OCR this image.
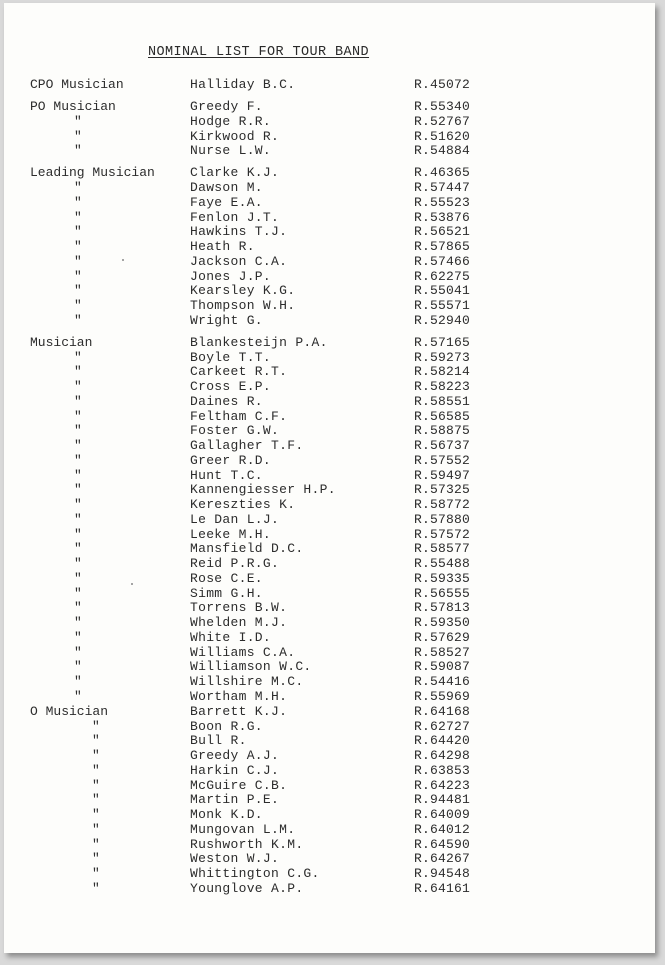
NOMINAL LIST FOR TOUR BAND
CPO Musician	Halliday B.C.	R.45072
PO Musician	Greedy F.	R.55340
"	Hodge R.R.	R.52767
"	Kirkwood R.	R.51620
"	Nurse L.W.	R.54884
Leading Musician	Clarke K.J.	R.46365
"	Dawson M.	R.57447
"	Faye E.A.	R.55523
"	Fenlon J.T.	R.53876
"	Hawkins T.J.	R.56521
"	Heath R.	R.57865
"	Jackson C.A.	R.57466
"	Jones J.P.	R.62275
"	Kearsley K.G.	R.55041
"	Thompson W.H.	R.55571
"	Wright G.	R.52940
Musician	Blankesteijn P.A.	R.57165
"	Boyle T.T.	R.59273
"	Carkeet R.T.	R.58214
"	Cross E.P.	R.58223
"	Daines R.	R.58551
"	Feltham C.F.	R.56585
"	Foster G.W.	R.58875
"	Gallagher T.F.	R.56737
"	Greer R.D.	R.57552
"	Hunt T.C.	R.59497
"	Kannengiesser H.P.	R.57325
"	Kereszties K.	R.58772
"	Le Dan L.J.	R.57880
"	Leeke M.H.	R.57572
"	Mansfield D.C.	R.58577
"	Reid P.R.G.	R.55488
"	Rose C.E.	R.59335
"	Simm G.H.	R.56555
"	Torrens B.W.	R.57813
"	Whelden M.J.	R.59350
"	White I.D.	R.57629
"	Williams C.A.	R.58527
"	Williamson W.C.	R.59087
"	Willshire M.C.	R.54416
"	Wortham M.H.	R.55969
O Musician	Barrett K.J.	R.64168
"	Boon R.G.	R.62727
"	Bull R.	R.64420
"	Greedy A.J.	R.64298
"	Harkin C.J.	R.63853
"	McGuire C.B.	R.64223
"	Martin P.E.	R.94481
"	Monk K.D.	R.64009
"	Mungovan L.M.	R.64012
"	Rushworth K.M.	R.64590
"	Weston W.J.	R.64267
"	Whittington C.G.	R.94548
"	Younglove A.P.	R.64161
